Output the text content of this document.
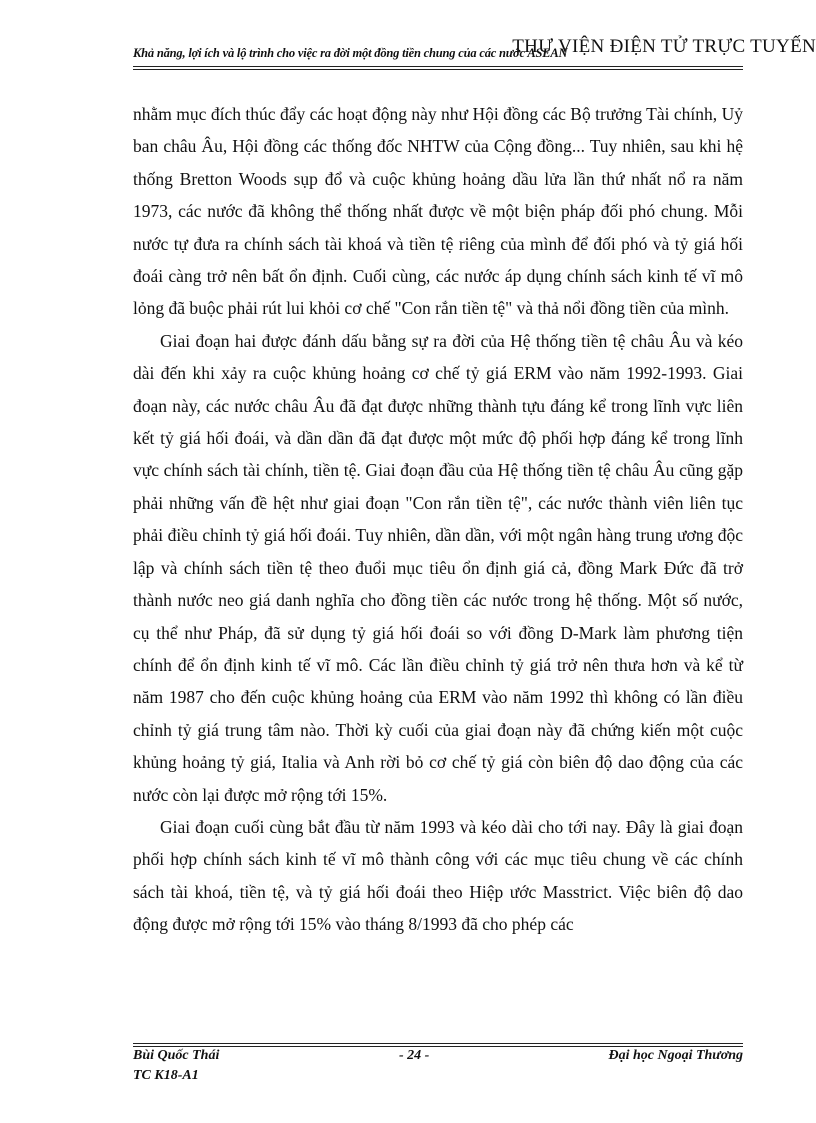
Khả năng, lợi ích và lộ trình cho việc ra đời một đồng tiền chung của các nước ASEAN
THƯ VIỆN ĐIỆN TỬ TRỰC TUYẾN

nhằm mục đích thúc đẩy các hoạt động này như Hội đồng các Bộ trưởng Tài chính, Uỷ ban châu Âu, Hội đồng các thống đốc NHTW của Cộng đồng... Tuy nhiên, sau khi hệ thống Bretton Woods sụp đổ và cuộc khủng hoảng dầu lửa lần thứ nhất nổ ra năm 1973, các nước đã không thể thống nhất được về một biện pháp đối phó chung. Mỗi nước tự đưa ra chính sách tài khoá và tiền tệ riêng của mình để đối phó và tỷ giá hối đoái càng trở nên bất ổn định. Cuối cùng, các nước áp dụng chính sách kinh tế vĩ mô lỏng đã buộc phải rút lui khỏi cơ chế "Con rắn tiền tệ" và thả nổi đồng tiền của mình.

Giai đoạn hai được đánh dấu bằng sự ra đời của Hệ thống tiền tệ châu Âu và kéo dài đến khi xảy ra cuộc khủng hoảng cơ chế tỷ giá ERM vào năm 1992-1993. Giai đoạn này, các nước châu Âu đã đạt được những thành tựu đáng kể trong lĩnh vực liên kết tỷ giá hối đoái, và dần dần đã đạt được một mức độ phối hợp đáng kể trong lĩnh vực chính sách tài chính, tiền tệ. Giai đoạn đầu của Hệ thống tiền tệ châu Âu cũng gặp phải những vấn đề hệt như giai đoạn "Con rắn tiền tệ", các nước thành viên liên tục phải điều chỉnh tỷ giá hối đoái. Tuy nhiên, dần dần, với một ngân hàng trung ương độc lập và chính sách tiền tệ theo đuổi mục tiêu ổn định giá cả, đồng Mark Đức đã trở thành nước neo giá danh nghĩa cho đồng tiền các nước trong hệ thống. Một số nước, cụ thể như Pháp, đã sử dụng tỷ giá hối đoái so với đồng D-Mark làm phương tiện chính để ổn định kinh tế vĩ mô. Các lần điều chỉnh tỷ giá trở nên thưa hơn và kể từ năm 1987 cho đến cuộc khủng hoảng của ERM vào năm 1992 thì không có lần điều chỉnh tỷ giá trung tâm nào. Thời kỳ cuối của giai đoạn này đã chứng kiến một cuộc khủng hoảng tỷ giá, Italia và Anh rời bỏ cơ chế tỷ giá còn biên độ dao động của các nước còn lại được mở rộng tới 15%.

Giai đoạn cuối cùng bắt đầu từ năm 1993 và kéo dài cho tới nay. Đây là giai đoạn phối hợp chính sách kinh tế vĩ mô thành công với các mục tiêu chung về các chính sách tài khoá, tiền tệ, và tỷ giá hối đoái theo Hiệp ước Masstrict. Việc biên độ dao động được mở rộng tới 15% vào tháng 8/1993 đã cho phép các

Bùi Quốc Thái
TC K18-A1
- 24 -	Đại học Ngoại Thương
